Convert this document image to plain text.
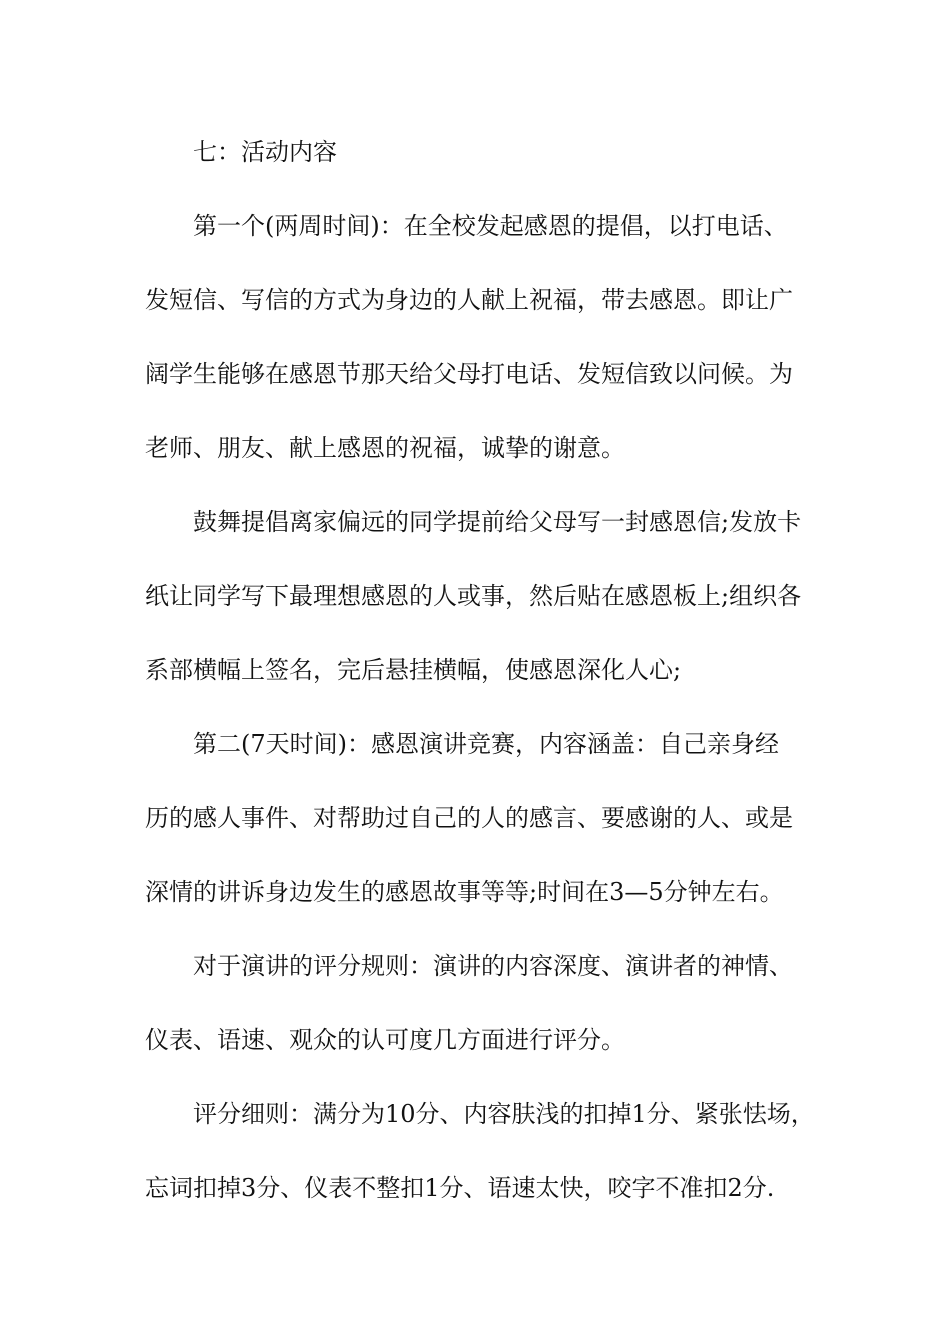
七：活动内容
第一个(两周时间)：在全校发起感恩的提倡，以打电话、
发短信、写信的方式为身边的人献上祝福，带去感恩。即让广
阔学生能够在感恩节那天给父母打电话、发短信致以问候。为
老师、朋友、献上感恩的祝福，诚挚的谢意。
鼓舞提倡离家偏远的同学提前给父母写一封感恩信;发放卡
纸让同学写下最理想感恩的人或事，然后贴在感恩板上;组织各
系部横幅上签名，完后悬挂横幅，使感恩深化人心;
第二(7天时间)：感恩演讲竞赛，内容涵盖：自己亲身经
历的感人事件、对帮助过自己的人的感言、要感谢的人、或是
深情的讲诉身边发生的感恩故事等等;时间在3—5分钟左右。
对于演讲的评分规则：演讲的内容深度、演讲者的神情、
仪表、语速、观众的认可度几方面进行评分。
评分细则：满分为10分、内容肤浅的扣掉1分、紧张怯场，
忘词扣掉3分、仪表不整扣1分、语速太快，咬字不准扣2分.
